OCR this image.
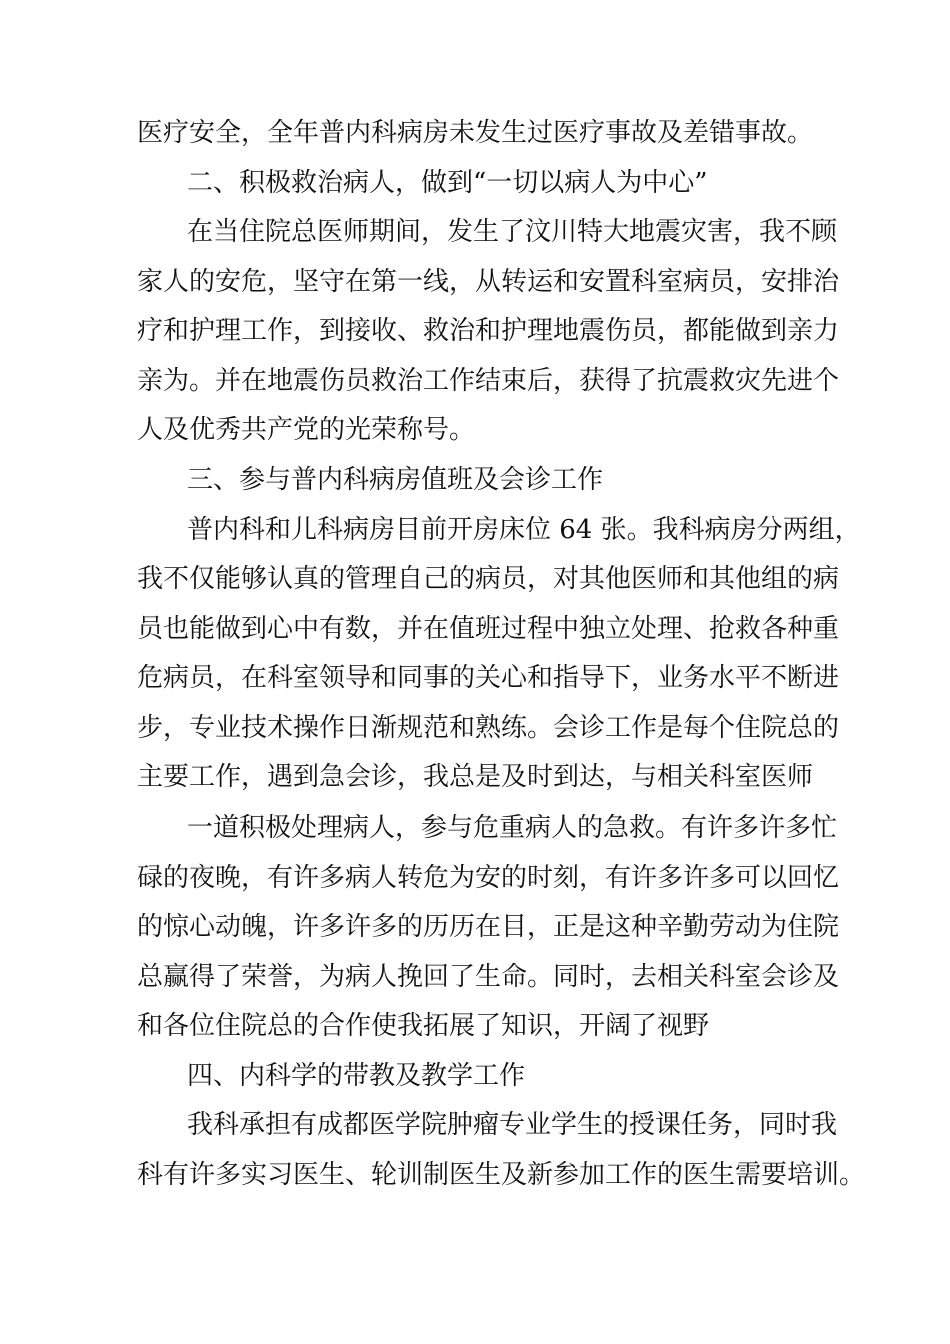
医疗安全，全年普内科病房未发生过医疗事故及差错事故。
二、积极救治病人，做到“一切以病人为中心”
在当住院总医师期间，发生了汶川特大地震灾害，我不顾
家人的安危，坚守在第一线，从转运和安置科室病员，安排治
疗和护理工作，到接收、救治和护理地震伤员，都能做到亲力
亲为。并在地震伤员救治工作结束后，获得了抗震救灾先进个
人及优秀共产党的光荣称号。
三、参与普内科病房值班及会诊工作
普内科和儿科病房目前开房床位 64 张。我科病房分两组，
我不仅能够认真的管理自己的病员，对其他医师和其他组的病
员也能做到心中有数，并在值班过程中独立处理、抢救各种重
危病员，在科室领导和同事的关心和指导下，业务水平不断进
步，专业技术操作日渐规范和熟练。会诊工作是每个住院总的
主要工作，遇到急会诊，我总是及时到达，与相关科室医师
一道积极处理病人，参与危重病人的急救。有许多许多忙
碌的夜晚，有许多病人转危为安的时刻，有许多许多可以回忆
的惊心动魄，许多许多的历历在目，正是这种辛勤劳动为住院
总赢得了荣誉，为病人挽回了生命。同时，去相关科室会诊及
和各位住院总的合作使我拓展了知识，开阔了视野
四、内科学的带教及教学工作
我科承担有成都医学院肿瘤专业学生的授课任务，同时我
科有许多实习医生、轮训制医生及新参加工作的医生需要培训。
